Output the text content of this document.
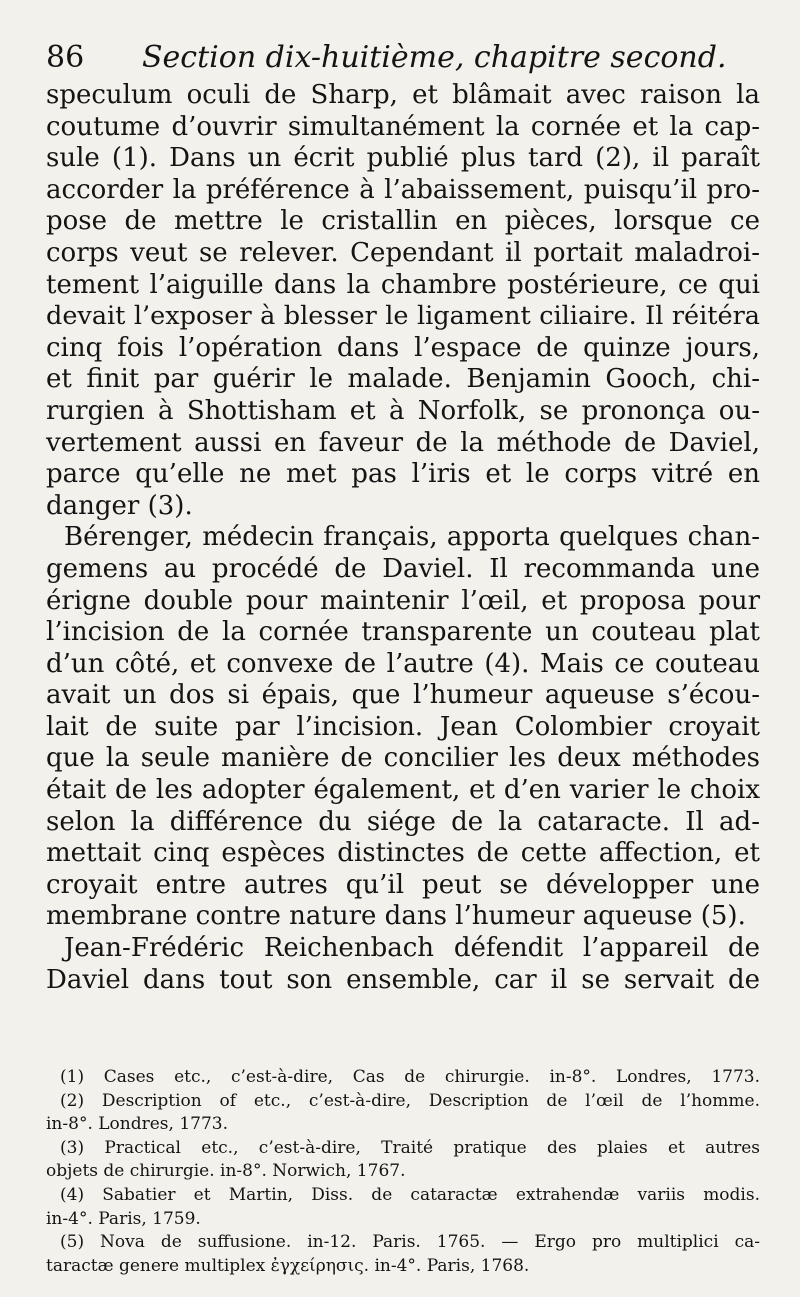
86 Section dix-huitième, chapitre second.
speculum oculi de Sharp, et blâmait avec raison la
coutume d’ouvrir simultanément la cornée et la cap-
sule (1). Dans un écrit publié plus tard (2), il paraît
accorder la préférence à l’abaissement, puisqu’il pro-
pose de mettre le cristallin en pièces, lorsque ce
corps veut se relever. Cependant il portait maladroi-
tement l’aiguille dans la chambre postérieure, ce qui
devait l’exposer à blesser le ligament ciliaire. Il réitéra
cinq fois l’opération dans l’espace de quinze jours,
et finit par guérir le malade. Benjamin Gooch, chi-
rurgien à Shottisham et à Norfolk, se prononça ou-
vertement aussi en faveur de la méthode de Daviel,
parce qu’elle ne met pas l’iris et le corps vitré en
danger (3).
Bérenger, médecin français, apporta quelques chan-
gemens au procédé de Daviel. Il recommanda une
érigne double pour maintenir l’œil, et proposa pour
l’incision de la cornée transparente un couteau plat
d’un côté, et convexe de l’autre (4). Mais ce couteau
avait un dos si épais, que l’humeur aqueuse s’écou-
lait de suite par l’incision. Jean Colombier croyait
que la seule manière de concilier les deux méthodes
était de les adopter également, et d’en varier le choix
selon la différence du siége de la cataracte. Il ad-
mettait cinq espèces distinctes de cette affection, et
croyait entre autres qu’il peut se développer une
membrane contre nature dans l’humeur aqueuse (5).
Jean-Frédéric Reichenbach défendit l’appareil de
Daviel dans tout son ensemble, car il se servait de
(1) Cases etc., c’est-à-dire, Cas de chirurgie. in-8°. Londres, 1773.
(2) Description of etc., c’est-à-dire, Description de l’œil de l’homme.
in-8°. Londres, 1773.
(3) Practical etc., c’est-à-dire, Traité pratique des plaies et autres
objets de chirurgie. in-8°. Norwich, 1767.
(4) Sabatier et Martin, Diss. de cataractæ extrahendæ variis modis.
in-4°. Paris, 1759.
(5) Nova de suffusione. in-12. Paris. 1765. — Ergo pro multiplici ca-
taractæ genere multiplex ἐγχείρησις. in-4°. Paris, 1768.
